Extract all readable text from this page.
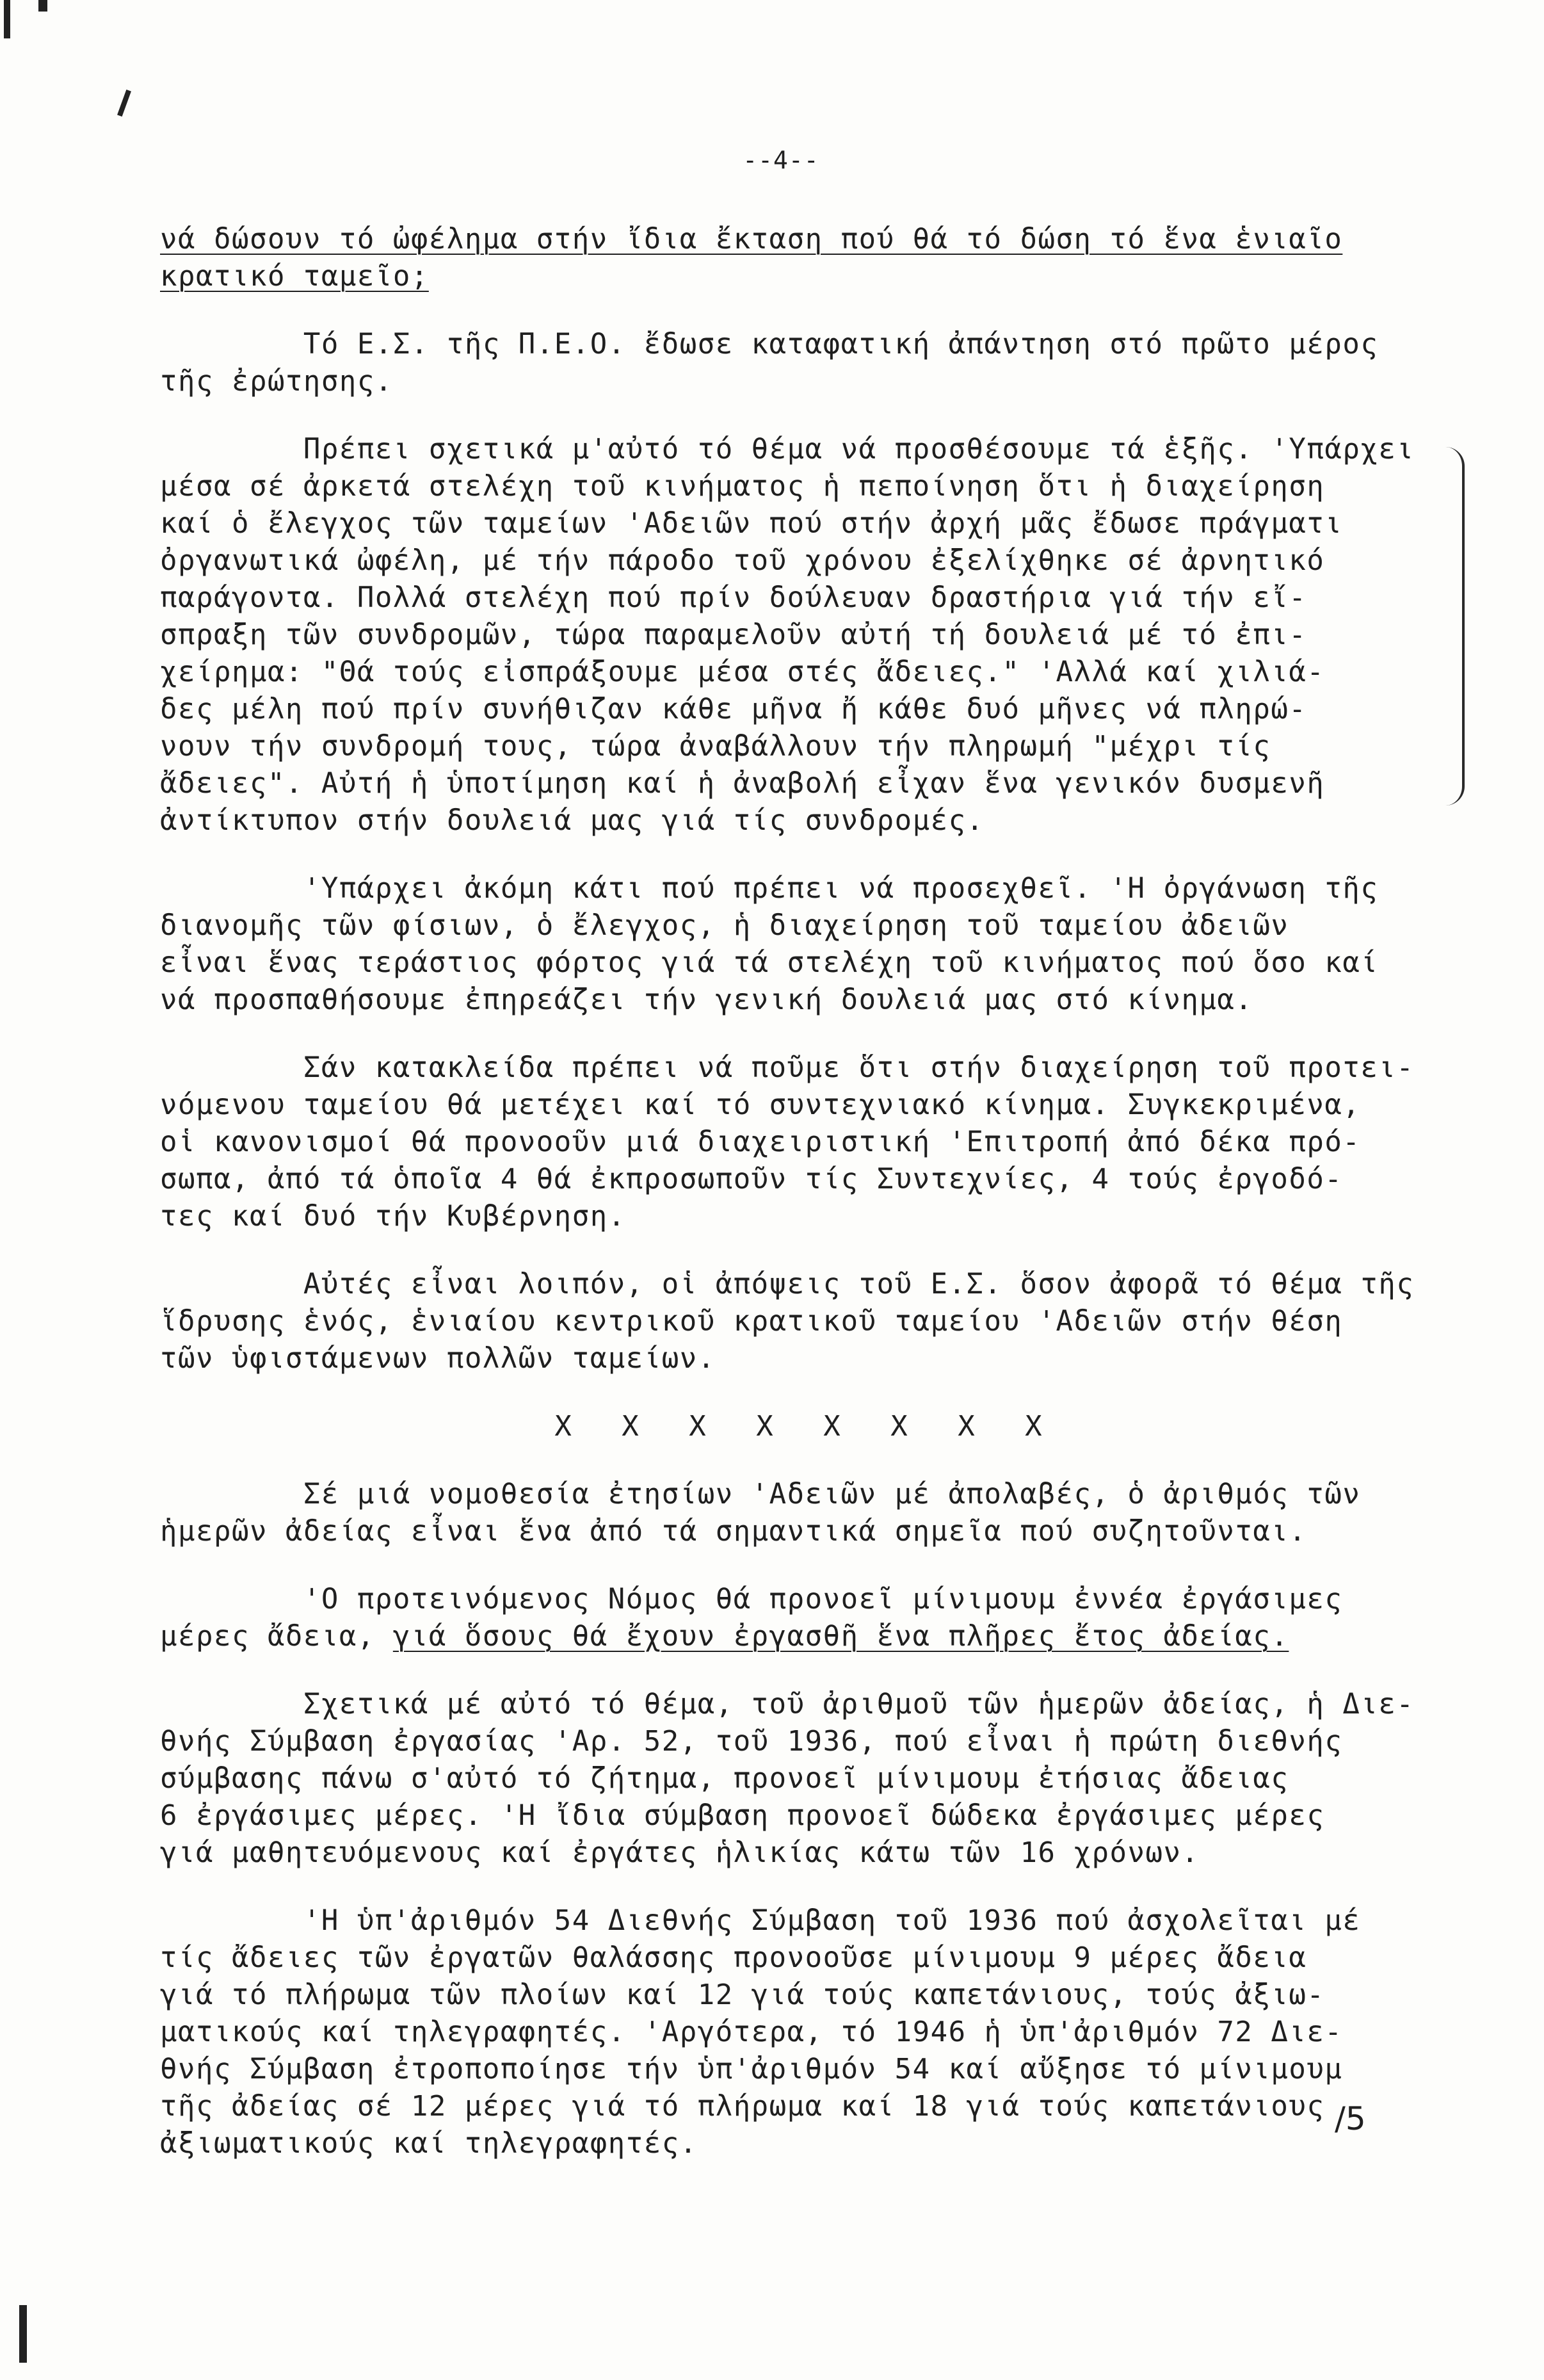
--4--
νά δώσουν τό ὠφέλημα στήν ἴδια ἔκταση πού θά τό δώση τό ἕνα ἑνιαῖο
κρατικό ταμεῖο;
Τό Ε.Σ. τῆς Π.Ε.Ο. ἔδωσε καταφατική ἀπάντηση στό πρῶτο μέρος
τῆς ἐρώτησης.
Πρέπει σχετικά μ'αὐτό τό θέμα νά προσθέσουμε τά ἑξῆς. 'Υπάρχει
μέσα σέ ἀρκετά στελέχη τοῦ κινήματος ἡ πεποίνηση ὅτι ἡ διαχείρηση
καί ὁ ἔλεγχος τῶν ταμείων 'Αδειῶν πού στήν ἀρχή μᾶς ἔδωσε πράγματι
ὀργανωτικά ὠφέλη, μέ τήν πάροδο τοῦ χρόνου ἐξελίχθηκε σέ ἀρνητικό
παράγοντα. Πολλά στελέχη πού πρίν δούλευαν δραστήρια γιά τήν εἴ-
σπραξη τῶν συνδρομῶν, τώρα παραμελοῦν αὐτή τή δουλειά μέ τό ἐπι-
χείρημα: "Θά τούς εἰσπράξουμε μέσα στές ἄδειες." 'Αλλά καί χιλιά-
δες μέλη πού πρίν συνήθιζαν κάθε μῆνα ἤ κάθε δυό μῆνες νά πληρώ-
νουν τήν συνδρομή τους, τώρα ἀναβάλλουν τήν πληρωμή "μέχρι τίς
ἄδειες". Αὐτή ἡ ὑποτίμηση καί ἡ ἀναβολή εἶχαν ἕνα γενικόν δυσμενῆ
ἀντίκτυπον στήν δουλειά μας γιά τίς συνδρομές.
'Υπάρχει ἀκόμη κάτι πού πρέπει νά προσεχθεῖ. 'Η ὀργάνωση τῆς
διανομῆς τῶν φίσιων, ὁ ἔλεγχος, ἡ διαχείρηση τοῦ ταμείου ἀδειῶν
εἶναι ἕνας τεράστιος φόρτος γιά τά στελέχη τοῦ κινήματος πού ὅσο καί
νά προσπαθήσουμε ἐπηρεάζει τήν γενική δουλειά μας στό κίνημα.
Σάν κατακλείδα πρέπει νά ποῦμε ὅτι στήν διαχείρηση τοῦ προτει-
νόμενου ταμείου θά μετέχει καί τό συντεχνιακό κίνημα. Συγκεκριμένα,
οἱ κανονισμοί θά προνοοῦν μιά διαχειριστική 'Επιτροπή ἀπό δέκα πρό-
σωπα, ἀπό τά ὁποῖα 4 θά ἐκπροσωποῦν τίς Συντεχνίες, 4 τούς ἐργοδό-
τες καί δυό τήν Κυβέρνηση.
Αὐτές εἶναι λοιπόν, οἱ ἀπόψεις τοῦ Ε.Σ. ὅσον ἀφορᾶ τό θέμα τῆς
ἵδρυσης ἑνός, ἑνιαίου κεντρικοῦ κρατικοῦ ταμείου 'Αδειῶν στήν θέση
τῶν ὑφιστάμενων πολλῶν ταμείων.
X X X X X X X X
Σέ μιά νομοθεσία ἐτησίων 'Αδειῶν μέ ἀπολαβές, ὁ ἀριθμός τῶν
ἡμερῶν ἀδείας εἶναι ἕνα ἀπό τά σημαντικά σημεῖα πού συζητοῦνται.
'Ο προτεινόμενος Νόμος θά προνοεῖ μίνιμουμ ἐννέα ἐργάσιμες
μέρες ἄδεια, γιά ὅσους θά ἔχουν ἐργασθῆ ἕνα πλῆρες ἔτος ἀδείας.
Σχετικά μέ αὐτό τό θέμα, τοῦ ἀριθμοῦ τῶν ἡμερῶν ἀδείας, ἡ Διε-
θνής Σύμβαση ἐργασίας 'Αρ. 52, τοῦ 1936, πού εἶναι ἡ πρώτη διεθνής
σύμβασης πάνω σ'αὐτό τό ζήτημα, προνοεῖ μίνιμουμ ἐτήσιας ἄδειας
6 ἐργάσιμες μέρες. 'Η ἴδια σύμβαση προνοεῖ δώδεκα ἐργάσιμες μέρες
γιά μαθητευόμενους καί ἐργάτες ἡλικίας κάτω τῶν 16 χρόνων.
'Η ὑπ'ἀριθμόν 54 Διεθνής Σύμβαση τοῦ 1936 πού ἀσχολεῖται μέ
τίς ἄδειες τῶν ἐργατῶν θαλάσσης προνοοῦσε μίνιμουμ 9 μέρες ἄδεια
γιά τό πλήρωμα τῶν πλοίων καί 12 γιά τούς καπετάνιους, τούς ἀξιω-
ματικούς καί τηλεγραφητές. 'Αργότερα, τό 1946 ἡ ὑπ'ἀριθμόν 72 Διε-
θνής Σύμβαση ἐτροποποίησε τήν ὑπ'ἀριθμόν 54 καί αὔξησε τό μίνιμουμ
τῆς ἀδείας σέ 12 μέρες γιά τό πλήρωμα καί 18 γιά τούς καπετάνιους
ἀξιωματικούς καί τηλεγραφητές.
/5
